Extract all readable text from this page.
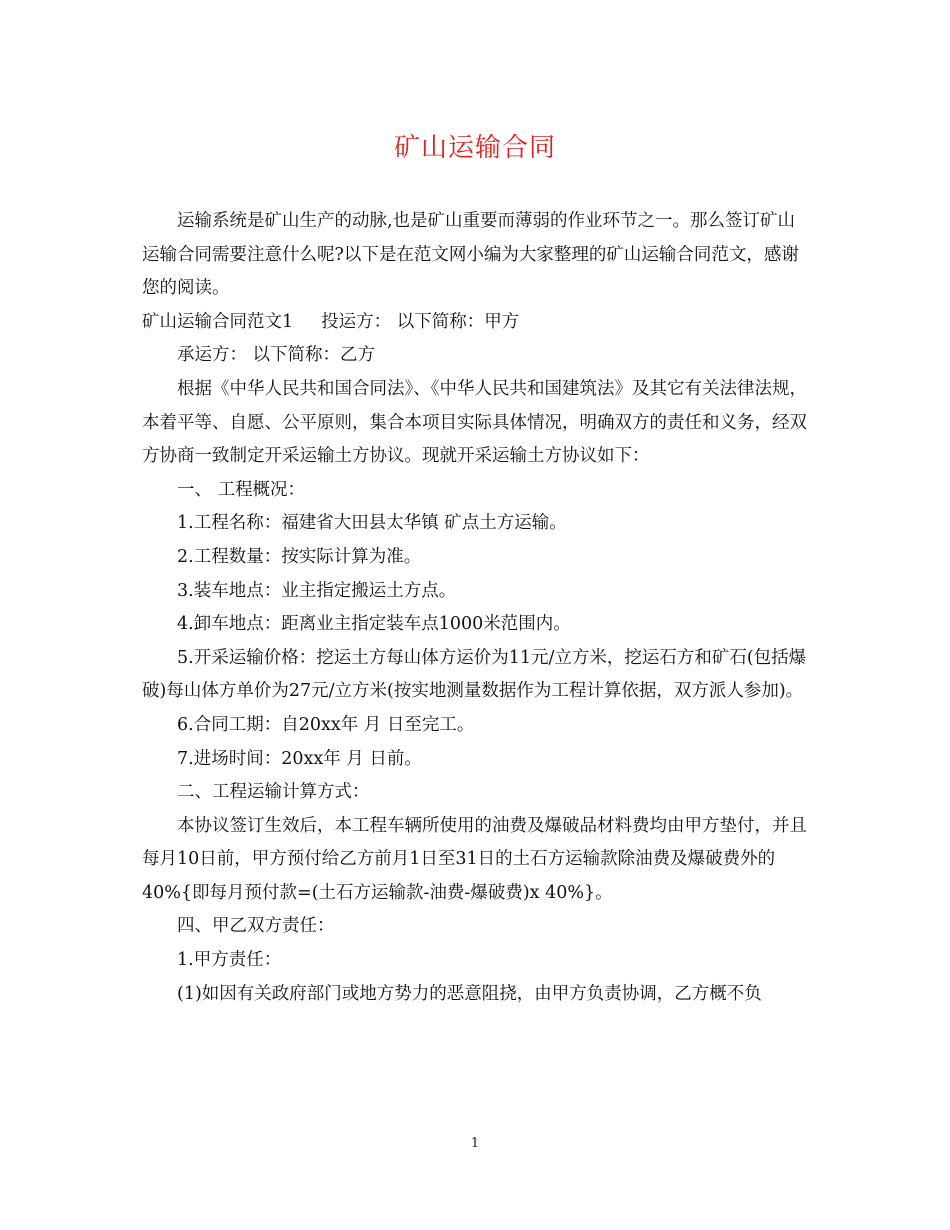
矿山运输合同

运输系统是矿山生产的动脉,也是矿山重要而薄弱的作业环节之一。那么签订矿山运输合同需要注意什么呢?以下是在范文网小编为大家整理的矿山运输合同范文，感谢您的阅读。

矿山运输合同范文1 投运方： 以下简称：甲方

承运方： 以下简称：乙方

根据《中华人民共和国合同法》、《中华人民共和国建筑法》及其它有关法律法规，本着平等、自愿、公平原则，集合本项目实际具体情况，明确双方的责任和义务，经双方协商一致制定开采运输土方协议。现就开采运输土方协议如下：

一、 工程概况：

1.工程名称：福建省大田县太华镇 矿点土方运输。

2.工程数量：按实际计算为准。

3.装车地点：业主指定搬运土方点。

4.卸车地点：距离业主指定装车点1000米范围内。

5.开采运输价格：挖运土方每山体方运价为11元/立方米，挖运石方和矿石(包括爆破)每山体方单价为27元/立方米(按实地测量数据作为工程计算依据，双方派人参加)。

6.合同工期：自20xx年 月 日至完工。

7.进场时间：20xx年 月 日前。

二、工程运输计算方式：

本协议签订生效后，本工程车辆所使用的油费及爆破品材料费均由甲方垫付，并且每月10日前，甲方预付给乙方前月1日至31日的土石方运输款除油费及爆破费外的40%{即每月预付款=(土石方运输款-油费-爆破费)x 40%}。

四、甲乙双方责任：

1.甲方责任：

(1)如因有关政府部门或地方势力的恶意阻挠，由甲方负责协调，乙方概不负

1
